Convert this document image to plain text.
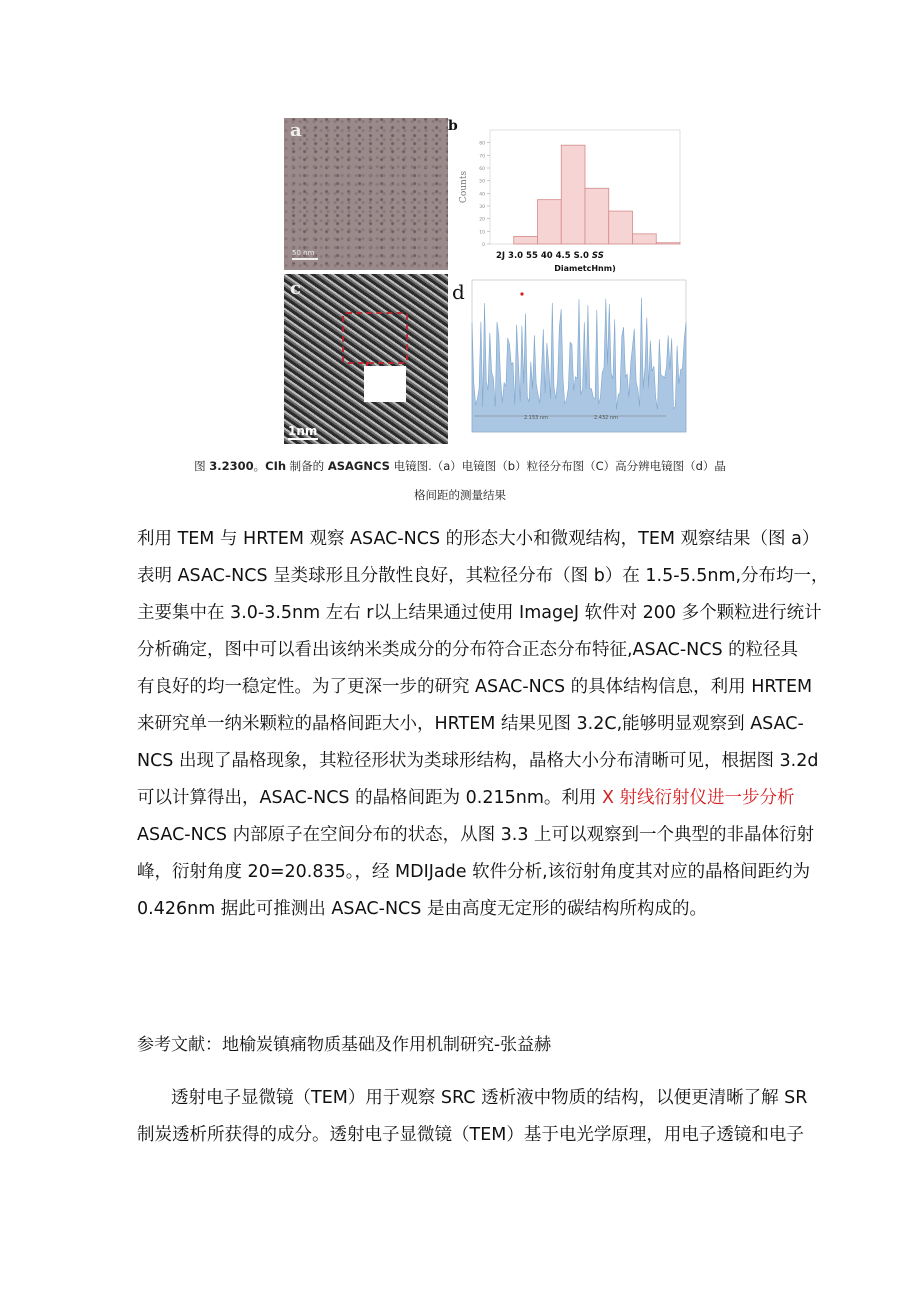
a
50 nm
c
1nm
b
0
10
20
30
40
50
60
70
80
Counts
2J 3.0 55 40 4.5 S.0 SS
DiametcHnm)
d
2.153 nm	2.432 nm
图 3.2300。CIh 制备的 ASAGNCS 电镜图.（a）电镜图（b）粒径分布图（C）高分辨电镜图（d）晶
格间距的测量结果
利用 TEM 与 HRTEM 观察 ASAC-NCS 的形态大小和微观结构，TEM 观察结果（图 a）
表明 ASAC-NCS 呈类球形且分散性良好，其粒径分布（图 b）在 1.5-5.5nm,分布均一，
主要集中在 3.0-3.5nm 左右 r以上结果通过使用 ImageJ 软件对 200 多个颗粒进行统计
分析确定，图中可以看出该纳米类成分的分布符合正态分布特征,ASAC-NCS 的粒径具
有良好的均一稳定性。为了更深一步的研究 ASAC-NCS 的具体结构信息，利用 HRTEM
来研究单一纳米颗粒的晶格间距大小，HRTEM 结果见图 3.2C,能够明显观察到 ASAC-
NCS 出现了晶格现象，其粒径形状为类球形结构，晶格大小分布清晰可见，根据图 3.2d
可以计算得出，ASAC-NCS 的晶格间距为 0.215nm。利用 X 射线衍射仪进一步分析
ASAC-NCS 内部原子在空间分布的状态，从图 3.3 上可以观察到一个典型的非晶体衍射
峰，衍射角度 20=20.835。，经 MDIJade 软件分析,该衍射角度其对应的晶格间距约为
0.426nm 据此可推测出 ASAC-NCS 是由高度无定形的碳结构所构成的。
参考文献：地榆炭镇痛物质基础及作用机制研究-张益赫
透射电子显微镜（TEM）用于观察 SRC 透析液中物质的结构，以便更清晰了解 SR
制炭透析所获得的成分。透射电子显微镜（TEM）基于电光学原理，用电子透镜和电子
